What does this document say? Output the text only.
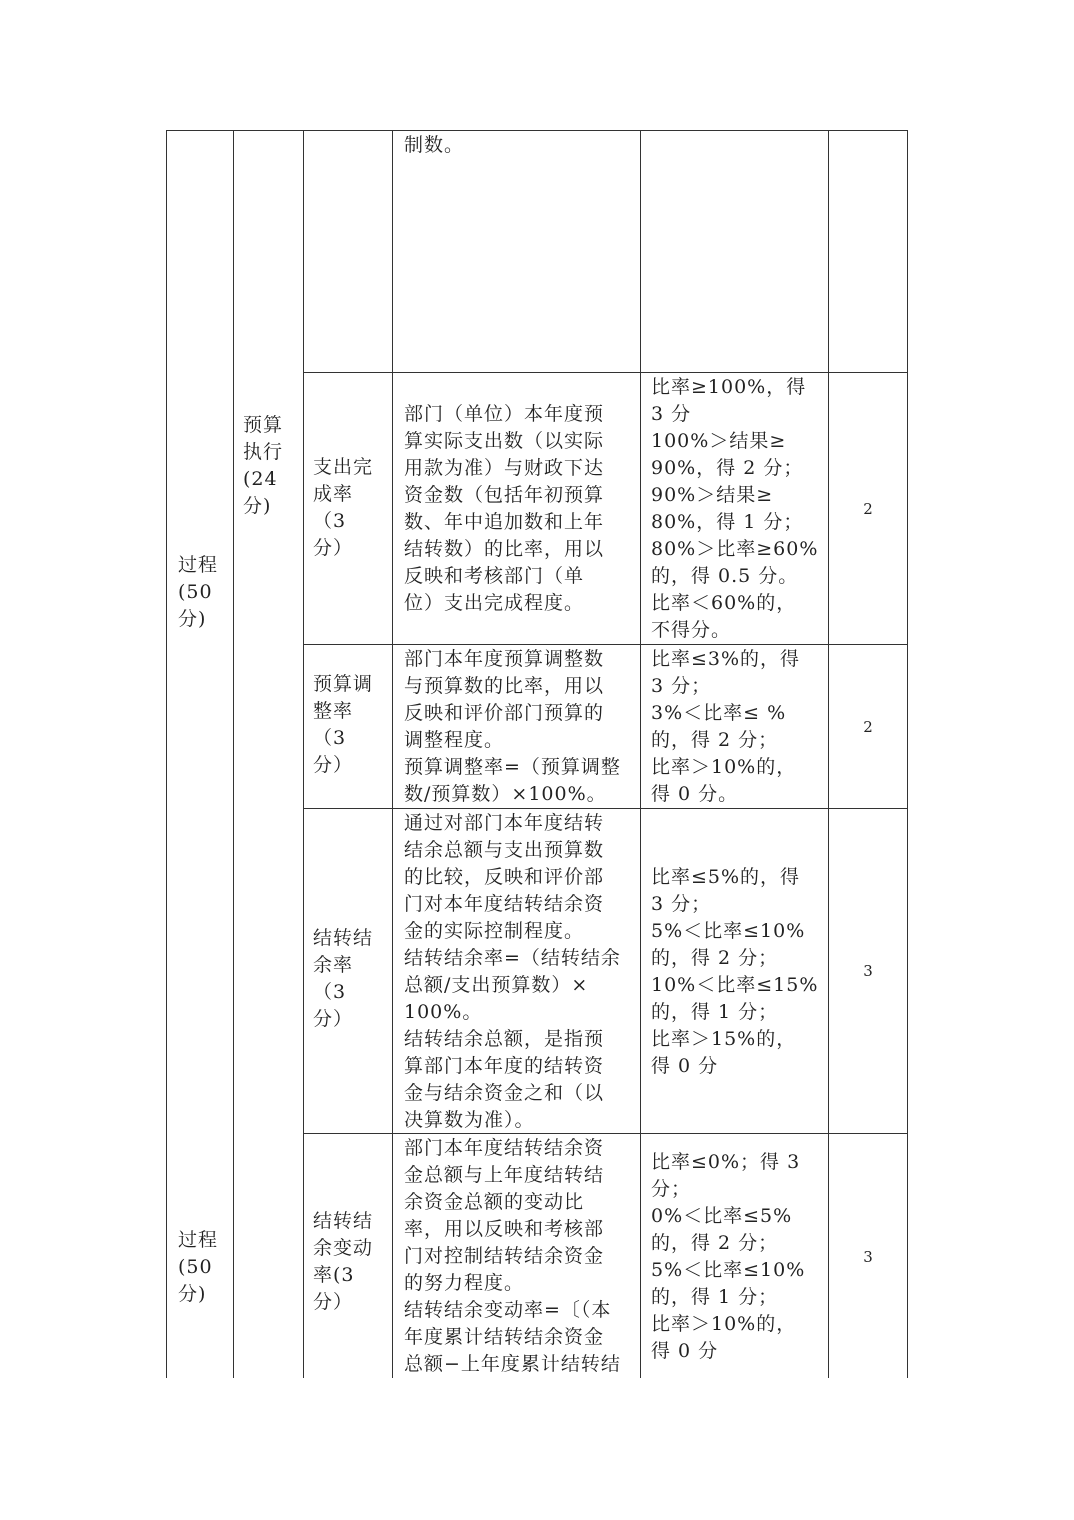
过程
(50
分)
过程
(50
分)
预算
执行
(24
分)
制数。
支出完
成率
（3
分）
部门（单位）本年度预
算实际支出数（以实际
用款为准）与财政下达
资金数（包括年初预算
数、年中追加数和上年
结转数）的比率，用以
反映和考核部门（单
位）支出完成程度。
比率≥100%，得
3 分
100%＞结果≥
90%，得 2 分；
90%＞结果≥
80%，得 1 分；
80%＞比率≥60%
的，得 0.5 分。
比率＜60%的，
不得分。
2
预算调
整率
（3
分）
部门本年度预算调整数
与预算数的比率，用以
反映和评价部门预算的
调整程度。
预算调整率=（预算调整
数/预算数）×100%。
比率≤3%的，得
3 分；
3%＜比率≤ %
的，得 2 分；
比率＞10%的，
得 0 分。
2
结转结
余率
（3
分）
通过对部门本年度结转
结余总额与支出预算数
的比较，反映和评价部
门对本年度结转结余资
金的实际控制程度。
结转结余率=（结转结余
总额/支出预算数）×
100%。
结转结余总额，是指预
算部门本年度的结转资
金与结余资金之和（以
决算数为准）。
比率≤5%的，得
3 分；
5%＜比率≤10%
的，得 2 分；
10%＜比率≤15%
的，得 1 分；
比率＞15%的，
得 0 分
3
结转结
余变动
率(3
分）
部门本年度结转结余资
金总额与上年度结转结
余资金总额的变动比
率，用以反映和考核部
门对控制结转结余资金
的努力程度。
结转结余变动率=〔（本
年度累计结转结余资金
总额−上年度累计结转结
比率≤0%；得 3
分；
0%＜比率≤5%
的，得 2 分；
5%＜比率≤10%
的，得 1 分；
比率＞10%的，
得 0 分
3
